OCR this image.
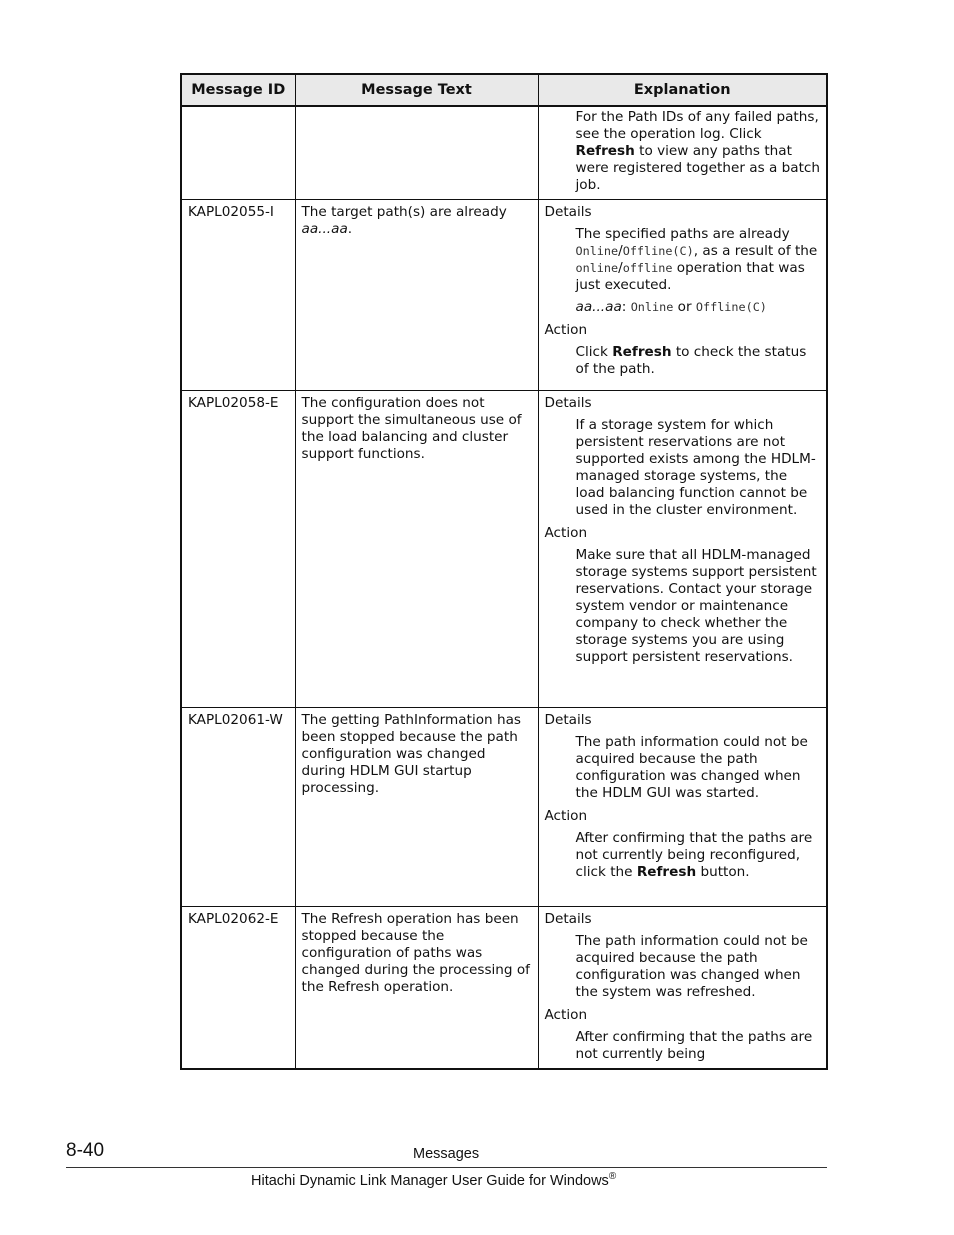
Message ID	Message Text	Explanation

		For the Path IDs of any failed paths, see the operation log. Click Refresh to view any paths that were registered together as a batch job.

KAPL02055-I	The target path(s) are already aa...aa.	Details

The specified paths are already Online/Offline(C), as a result of the online/offline operation that was just executed.

aa...aa: Online or Offline(C)

Action

Click Refresh to check the status of the path.

KAPL02058-E	The configuration does not support the simultaneous use of the load balancing and cluster support functions.	Details

If a storage system for which persistent reservations are not supported exists among the HDLM-managed storage systems, the load balancing function cannot be used in the cluster environment.

Action

Make sure that all HDLM-managed storage systems support persistent reservations. Contact your storage system vendor or maintenance company to check whether the storage systems you are using support persistent reservations.

KAPL02061-W	The getting PathInformation has been stopped because the path configuration was changed during HDLM GUI startup processing.	Details

The path information could not be acquired because the path configuration was changed when the HDLM GUI was started.

Action

After confirming that the paths are not currently being reconfigured, click the Refresh button.

KAPL02062-E	The Refresh operation has been stopped because the configuration of paths was changed during the processing of the Refresh operation.	Details

The path information could not be acquired because the path configuration was changed when the system was refreshed.

Action

After confirming that the paths are not currently being

8-40	Messages
Hitachi Dynamic Link Manager User Guide for Windows®
